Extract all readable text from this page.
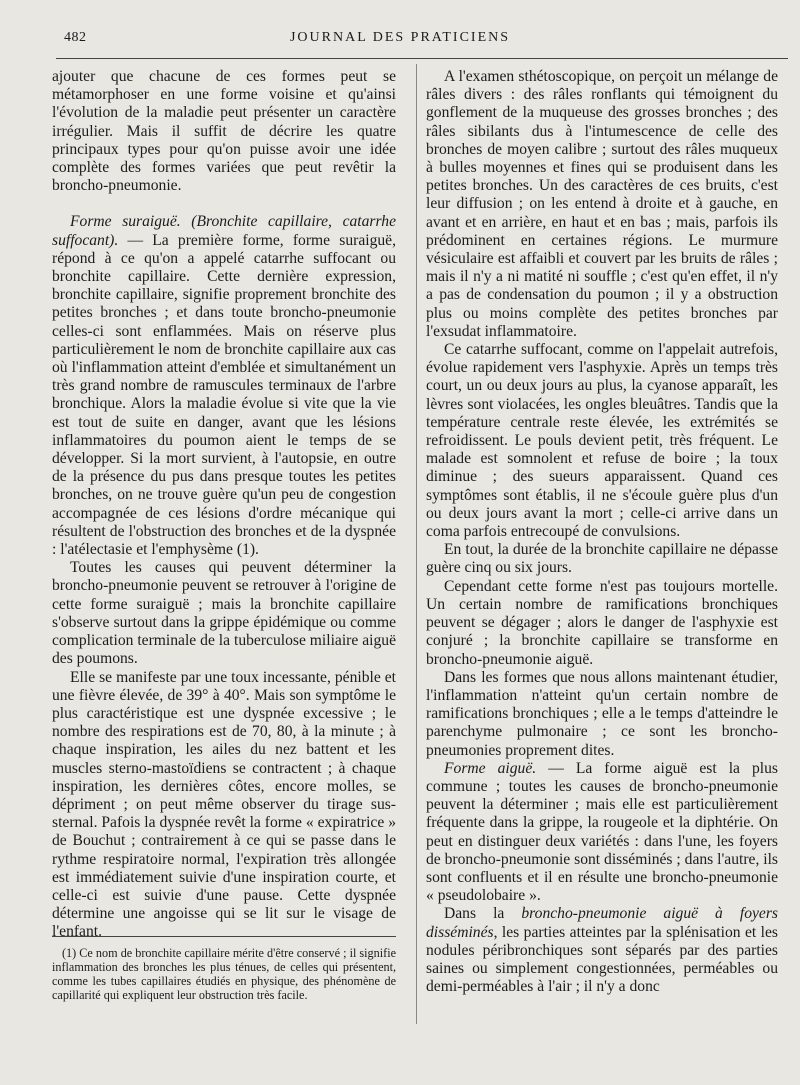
482	JOURNAL DES PRATICIENS

ajouter que chacune de ces formes peut se métamorphoser en une forme voisine et qu'ainsi l'évolution de la maladie peut présenter un caractère irrégulier. Mais il suffit de décrire les quatre principaux types pour qu'on puisse avoir une idée complète des formes variées que peut revêtir la broncho-pneumonie.

Forme suraiguë. (Bronchite capillaire, catarrhe suffocant). — La première forme, forme suraiguë, répond à ce qu'on a appelé catarrhe suffocant ou bronchite capillaire. Cette dernière expression, bronchite capillaire, signifie proprement bronchite des petites bronches ; et dans toute broncho-pneumonie celles-ci sont enflammées. Mais on réserve plus particulièrement le nom de bronchite capillaire aux cas où l'inflammation atteint d'emblée et simultanément un très grand nombre de ramuscules terminaux de l'arbre bronchique. Alors la maladie évolue si vite que la vie est tout de suite en danger, avant que les lésions inflammatoires du poumon aient le temps de se développer. Si la mort survient, à l'autopsie, en outre de la présence du pus dans presque toutes les petites bronches, on ne trouve guère qu'un peu de congestion accompagnée de ces lésions d'ordre mécanique qui résultent de l'obstruction des bronches et de la dyspnée : l'atélectasie et l'emphysème (1).

Toutes les causes qui peuvent déterminer la broncho-pneumonie peuvent se retrouver à l'origine de cette forme suraiguë ; mais la bronchite capillaire s'observe surtout dans la grippe épidémique ou comme complication terminale de la tuberculose miliaire aiguë des poumons.

Elle se manifeste par une toux incessante, pénible et une fièvre élevée, de 39° à 40°. Mais son symptôme le plus caractéristique est une dyspnée excessive ; le nombre des respirations est de 70, 80, à la minute ; à chaque inspiration, les ailes du nez battent et les muscles sterno-mastoïdiens se contractent ; à chaque inspiration, les dernières côtes, encore molles, se dépriment ; on peut même observer du tirage sus-sternal. Pafois la dyspnée revêt la forme « expiratrice » de Bouchut ; contrairement à ce qui se passe dans le rythme respiratoire normal, l'expiration très allongée est immédiatement suivie d'une inspiration courte, et celle-ci est suivie d'une pause. Cette dyspnée détermine une angoisse qui se lit sur le visage de l'enfant.

(1) Ce nom de bronchite capillaire mérite d'être conservé ; il signifie inflammation des bronches les plus ténues, de celles qui présentent, comme les tubes capillaires étudiés en physique, des phénomène de capillarité qui expliquent leur obstruction très facile.

A l'examen sthétoscopique, on perçoit un mélange de râles divers : des râles ronflants qui témoignent du gonflement de la muqueuse des grosses bronches ; des râles sibilants dus à l'intumescence de celle des bronches de moyen calibre ; surtout des râles muqueux à bulles moyennes et fines qui se produisent dans les petites bronches. Un des caractères de ces bruits, c'est leur diffusion ; on les entend à droite et à gauche, en avant et en arrière, en haut et en bas ; mais, parfois ils prédominent en certaines régions. Le murmure vésiculaire est affaibli et couvert par les bruits de râles ; mais il n'y a ni matité ni souffle ; c'est qu'en effet, il n'y a pas de condensation du poumon ; il y a obstruction plus ou moins complète des petites bronches par l'exsudat inflammatoire.

Ce catarrhe suffocant, comme on l'appelait autrefois, évolue rapidement vers l'asphyxie. Après un temps très court, un ou deux jours au plus, la cyanose apparaît, les lèvres sont violacées, les ongles bleuâtres. Tandis que la température centrale reste élevée, les extrémités se refroidissent. Le pouls devient petit, très fréquent. Le malade est somnolent et refuse de boire ; la toux diminue ; des sueurs apparaissent. Quand ces symptômes sont établis, il ne s'écoule guère plus d'un ou deux jours avant la mort ; celle-ci arrive dans un coma parfois entrecoupé de convulsions.

En tout, la durée de la bronchite capillaire ne dépasse guère cinq ou six jours.

Cependant cette forme n'est pas toujours mortelle. Un certain nombre de ramifications bronchiques peuvent se dégager ; alors le danger de l'asphyxie est conjuré ; la bronchite capillaire se transforme en broncho-pneumonie aiguë.

Dans les formes que nous allons maintenant étudier, l'inflammation n'atteint qu'un certain nombre de ramifications bronchiques ; elle a le temps d'atteindre le parenchyme pulmonaire ; ce sont les broncho-pneumonies proprement dites.

Forme aiguë. — La forme aiguë est la plus commune ; toutes les causes de broncho-pneumonie peuvent la déterminer ; mais elle est particulièrement fréquente dans la grippe, la rougeole et la diphtérie. On peut en distinguer deux variétés : dans l'une, les foyers de broncho-pneumonie sont disséminés ; dans l'autre, ils sont confluents et il en résulte une broncho-pneumonie « pseudolobaire ».

Dans la broncho-pneumonie aiguë à foyers disséminés, les parties atteintes par la splénisation et les nodules péribronchiques sont séparés par des parties saines ou simplement congestionnées, perméables ou demi-perméables à l'air ; il n'y a donc
